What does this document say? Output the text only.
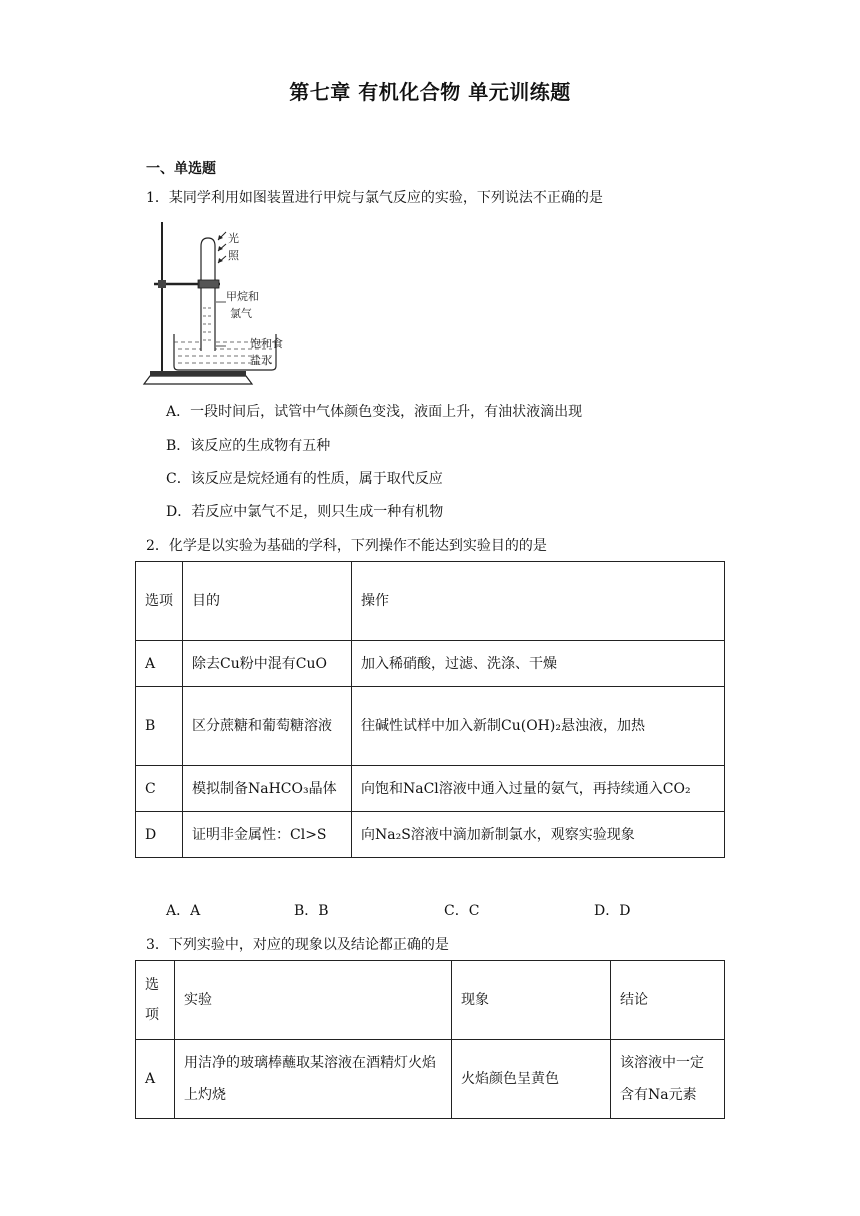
第七章 有机化合物 单元训练题
一、单选题
1．某同学利用如图装置进行甲烷与氯气反应的实验，下列说法不正确的是
光
照
甲烷和
氯气
饱和食
盐水
A．一段时间后，试管中气体颜色变浅，液面上升，有油状液滴出现
B．该反应的生成物有五种
C．该反应是烷烃通有的性质，属于取代反应
D．若反应中氯气不足，则只生成一种有机物
2．化学是以实验为基础的学科，下列操作不能达到实验目的的是
选项	目的	操作
A	除去Cu粉中混有CuO	加入稀硝酸，过滤、洗涤、干燥
B	区分蔗糖和葡萄糖溶液	往碱性试样中加入新制Cu(OH)₂悬浊液，加热
C	模拟制备NaHCO₃晶体	向饱和NaCl溶液中通入过量的氨气，再持续通入CO₂
D	证明非金属性：Cl>S	向Na₂S溶液中滴加新制氯水，观察实验现象
A．A	B．B	C．C	D．D
3．下列实验中，对应的现象以及结论都正确的是
选项	实验	现象	结论
A	用洁净的玻璃棒蘸取某溶液在酒精灯火焰上灼烧	火焰颜色呈黄色	该溶液中一定含有Na元素
